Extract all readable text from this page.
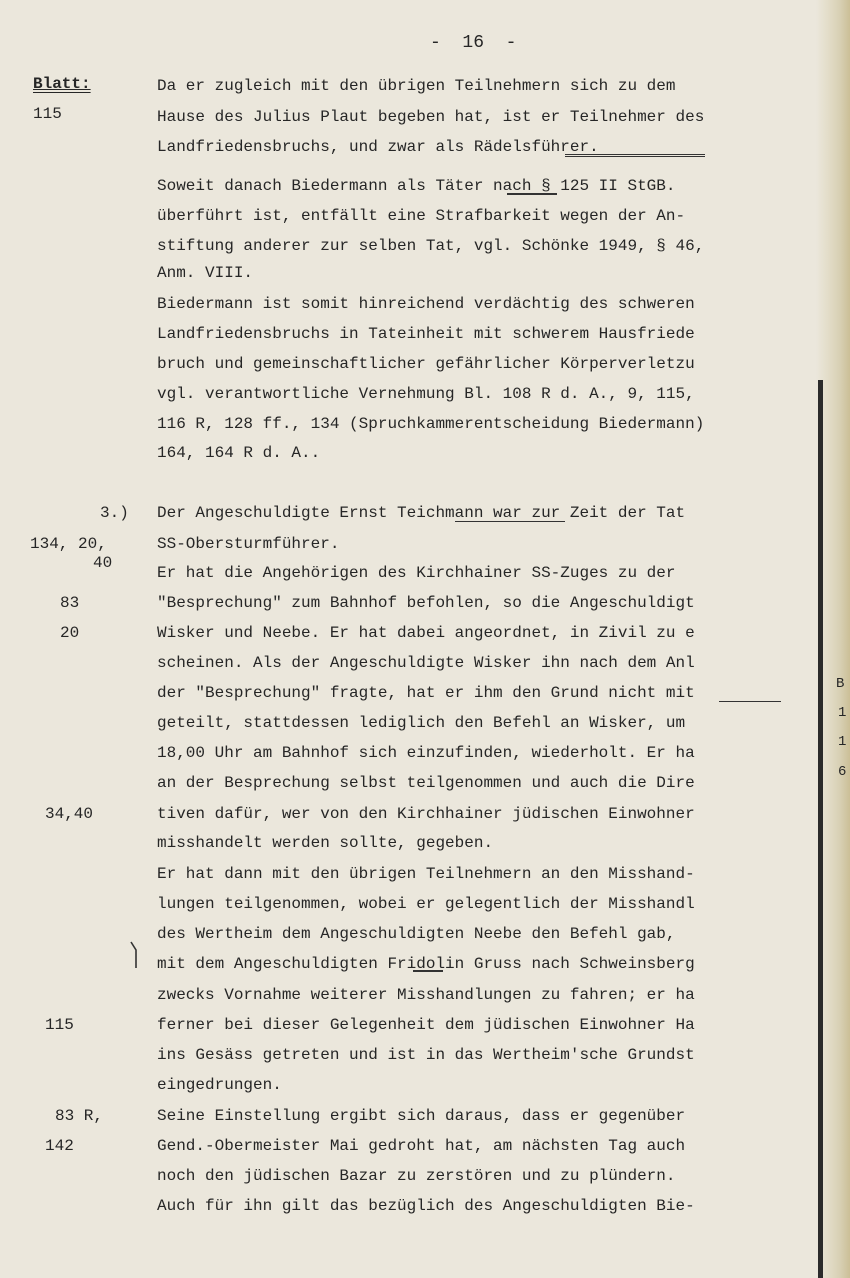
-  16  -
Blatt:
115
3.)
134, 20,
40
83
20
34,40
115
83 R,
142
Da er zugleich mit den übrigen Teilnehmern sich zu dem
Hause des Julius Plaut begeben hat, ist er Teilnehmer des
Landfriedensbruchs, und zwar als Rädelsführer.
Soweit danach Biedermann als Täter nach § 125 II StGB.
überführt ist, entfällt eine Strafbarkeit wegen der An-
stiftung anderer zur selben Tat, vgl. Schönke 1949, § 46,
Anm. VIII.
Biedermann ist somit hinreichend verdächtig des schweren
Landfriedensbruchs in Tateinheit mit schwerem Hausfriede
bruch und gemeinschaftlicher gefährlicher Körperverletzu
vgl. verantwortliche Vernehmung Bl. 108 R d. A., 9, 115,
116 R, 128 ff., 134 (Spruchkammerentscheidung Biedermann)
164, 164 R d. A..
Der Angeschuldigte Ernst Teichmann war zur Zeit der Tat
SS-Obersturmführer.
Er hat die Angehörigen des Kirchhainer SS-Zuges zu der
"Besprechung" zum Bahnhof befohlen, so die Angeschuldigt
Wisker und Neebe. Er hat dabei angeordnet, in Zivil zu e
scheinen. Als der Angeschuldigte Wisker ihn nach dem Anl
der "Besprechung" fragte, hat er ihm den Grund nicht mit
geteilt, stattdessen lediglich den Befehl an Wisker, um
18,00 Uhr am Bahnhof sich einzufinden, wiederholt. Er ha
an der Besprechung selbst teilgenommen und auch die Dire
tiven dafür, wer von den Kirchhainer jüdischen Einwohner
misshandelt werden sollte, gegeben.
Er hat dann mit den übrigen Teilnehmern an den Misshand-
lungen teilgenommen, wobei er gelegentlich der Misshandl
des Wertheim dem Angeschuldigten Neebe den Befehl gab,
mit dem Angeschuldigten Fridolin Gruss nach Schweinsberg
zwecks Vornahme weiterer Misshandlungen zu fahren; er ha
ferner bei dieser Gelegenheit dem jüdischen Einwohner Ha
ins Gesäss getreten und ist in das Wertheim'sche Grundst
eingedrungen.
Seine Einstellung ergibt sich daraus, dass er gegenüber
Gend.-Obermeister Mai gedroht hat, am nächsten Tag auch
noch den jüdischen Bazar zu zerstören und zu plündern.
Auch für ihn gilt das bezüglich des Angeschuldigten Bie-
B
1
1
6
